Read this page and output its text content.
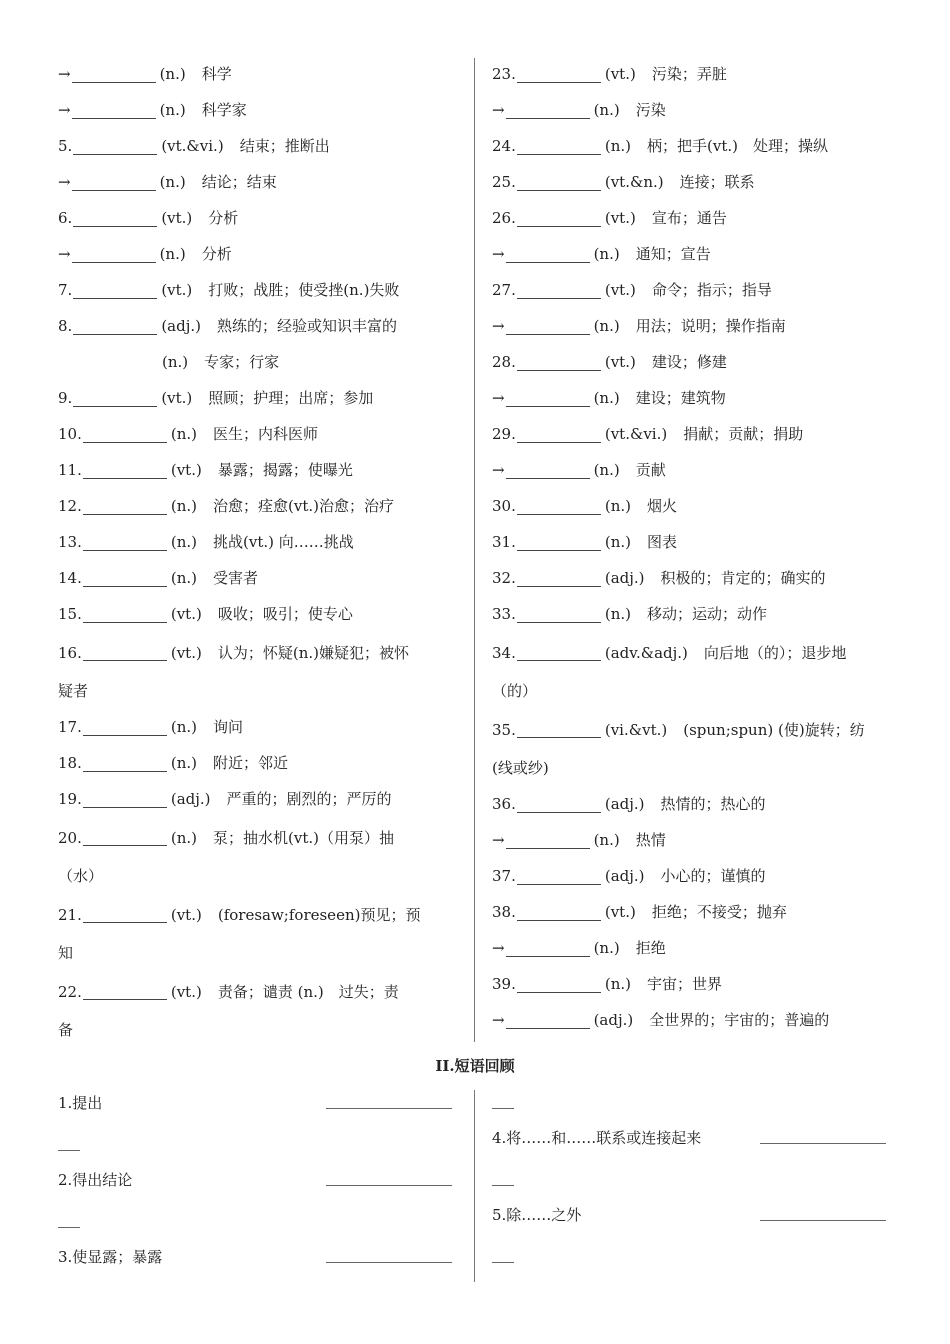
→	(n.) 科学
→	(n.) 科学家
5.	(vt.&vi.) 结束；推断出
→	(n.) 结论；结束
6.	(vt.) 分析
→	(n.) 分析
7.	(vt.) 打败；战胜；使受挫(n.)失败
8.	(adj.) 熟练的；经验或知识丰富的
(n.) 专家；行家
9.	(vt.) 照顾；护理；出席；参加
10.	(n.) 医生；内科医师
11.	(vt.) 暴露；揭露；使曝光
12.	(n.) 治愈；痊愈(vt.)治愈；治疗
13.	(n.) 挑战(vt.) 向……挑战
14.	(n.) 受害者
15.	(vt.) 吸收；吸引；使专心
16.	(vt.) 认为；怀疑(n.)嫌疑犯；被怀
疑者
17.	(n.) 询问
18.	(n.) 附近；邻近
19.	(adj.) 严重的；剧烈的；严厉的
20.	(n.) 泵；抽水机(vt.)（用泵）抽
（水）
21.	(vt.) (foresaw;foreseen)预见；预
知
22.	(vt.) 责备；谴责 (n.)　过失；责
备
23.	(vt.) 污染；弄脏
→	(n.) 污染
24.	(n.) 柄；把手(vt.)　处理；操纵
25.	(vt.&n.) 连接；联系
26.	(vt.) 宣布；通告
→	(n.) 通知；宣告
27.	(vt.) 命令；指示；指导
→	(n.) 用法；说明；操作指南
28.	(vt.) 建设；修建
→	(n.) 建设；建筑物
29.	(vt.&vi.) 捐献；贡献；捐助
→	(n.) 贡献
30.	(n.) 烟火
31.	(n.) 图表
32.	(adj.) 积极的；肯定的；确实的
33.	(n.) 移动；运动；动作
34.	(adv.&adj.) 向后地（的）；退步地
（的）
35.	(vi.&vt.) (spun;spun) (使)旋转；纺
(线或纱)
36.	(adj.) 热情的；热心的
→	(n.) 热情
37.	(adj.) 小心的；谨慎的
38.	(vt.) 拒绝；不接受；抛弃
→	(n.) 拒绝
39.	(n.) 宇宙；世界
→	(adj.) 全世界的；宇宙的；普遍的
II.短语回顾
1.提出
2.得出结论
3.使显露；暴露
4.将……和……联系或连接起来
5.除……之外
